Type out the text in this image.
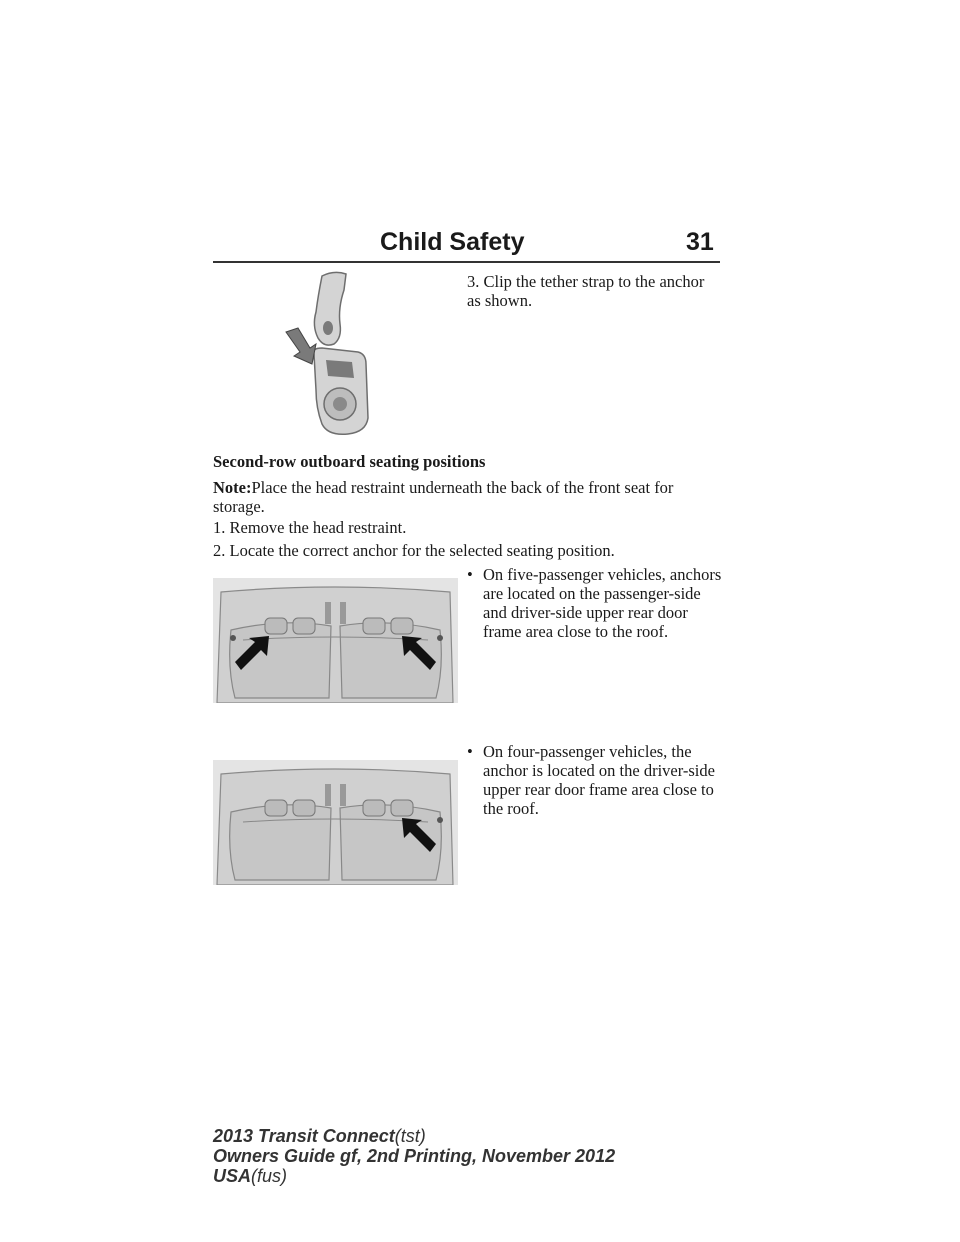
Child Safety	31
3. Clip the tether strap to the anchor as shown.
Second-row outboard seating positions
Note:Place the head restraint underneath the back of the front seat for storage.
1. Remove the head restraint.
2. Locate the correct anchor for the selected seating position.
• On five-passenger vehicles, anchors are located on the passenger-side and driver-side upper rear door frame area close to the roof.
• On four-passenger vehicles, the anchor is located on the driver-side upper rear door frame area close to the roof.
2013 Transit Connect(tst)
Owners Guide gf, 2nd Printing, November 2012
USA(fus)
